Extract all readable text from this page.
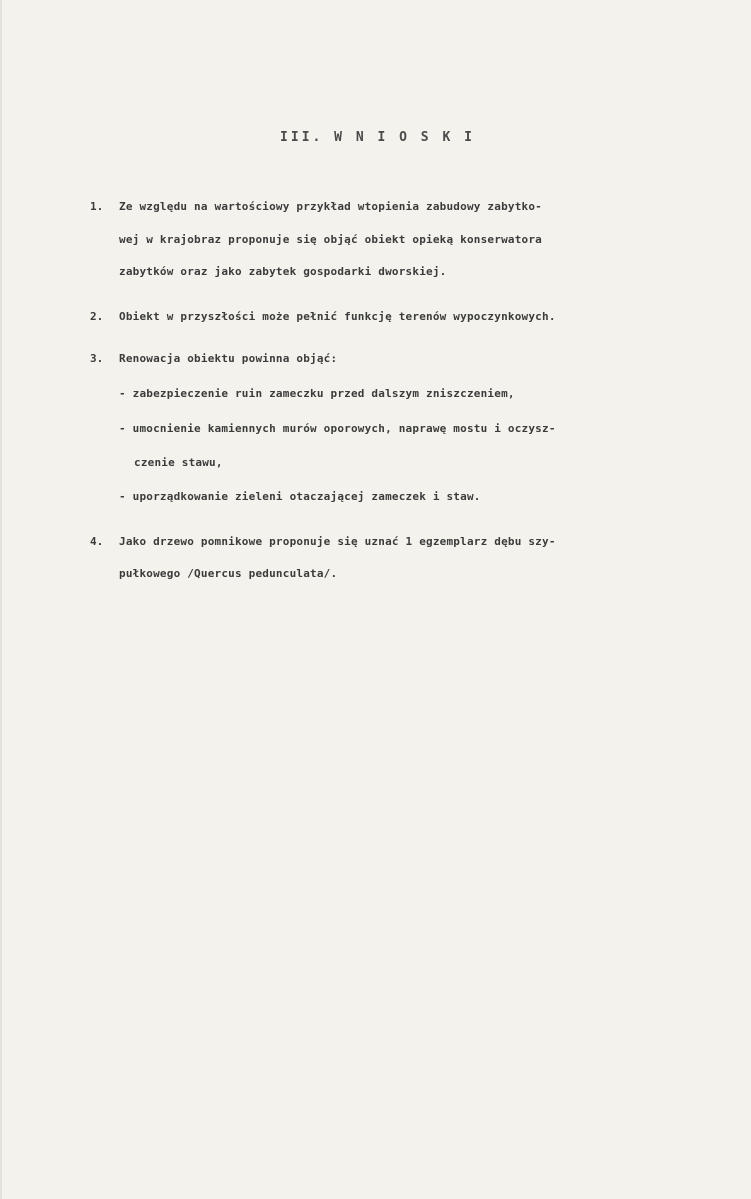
III. W N I O S K I
1. Ze względu na wartościowy przykład wtopienia zabudowy zabytko-
wej w krajobraz proponuje się objąć obiekt opieką konserwatora
zabytków oraz jako zabytek gospodarki dworskiej.
2. Obiekt w przyszłości może pełnić funkcję terenów wypoczynkowych.
3. Renowacja obiektu powinna objąć:
- zabezpieczenie ruin zameczku przed dalszym zniszczeniem,
- umocnienie kamiennych murów oporowych, naprawę mostu i oczysz-
czenie stawu,
- uporządkowanie zieleni otaczającej zameczek i staw.
4. Jako drzewo pomnikowe proponuje się uznać 1 egzemplarz dębu szy-
pułkowego /Quercus pedunculata/.
